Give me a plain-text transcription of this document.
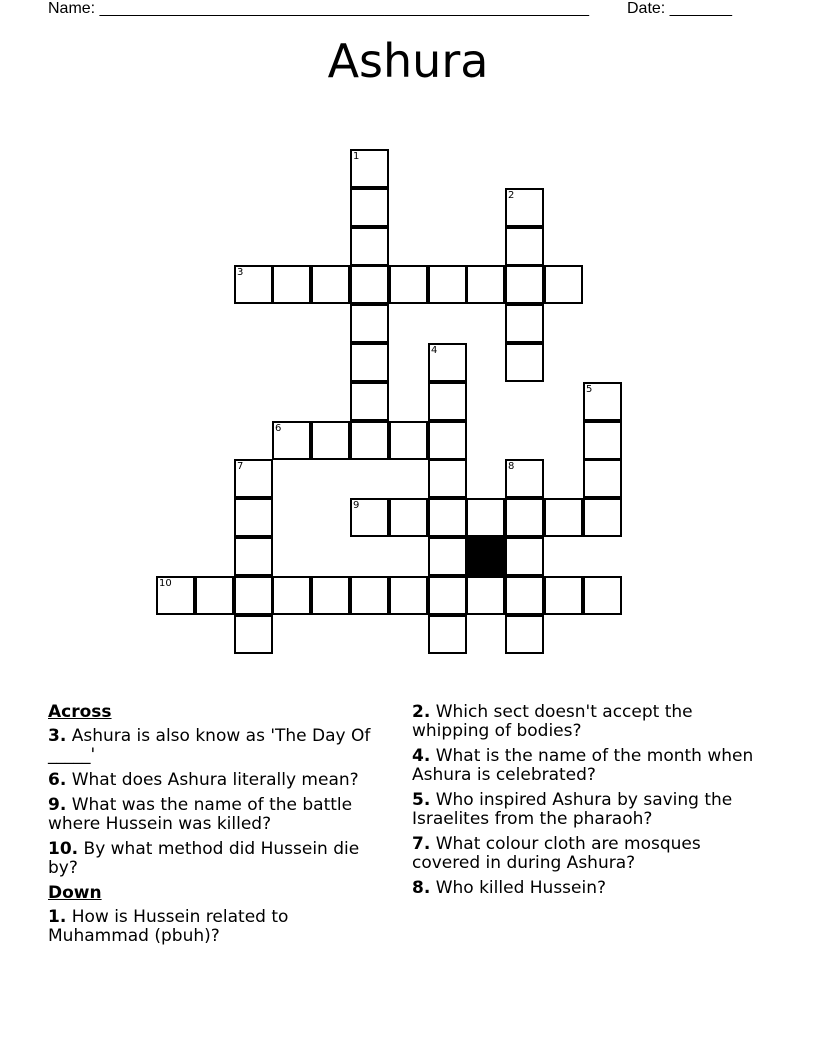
Name: _______________________________________________________ Date: _______
Ashura
1
2
3
4
5
6
7	8
9
10
Across
3. Ashura is also know as 'The Day Of _____'
6. What does Ashura literally mean?
9. What was the name of the battle where Hussein was killed?
10. By what method did Hussein die by?
Down
1. How is Hussein related to Muhammad (pbuh)?
2. Which sect doesn't accept the whipping of bodies?
4. What is the name of the month when Ashura is celebrated?
5. Who inspired Ashura by saving the Israelites from the pharaoh?
7. What colour cloth are mosques covered in during Ashura?
8. Who killed Hussein?
